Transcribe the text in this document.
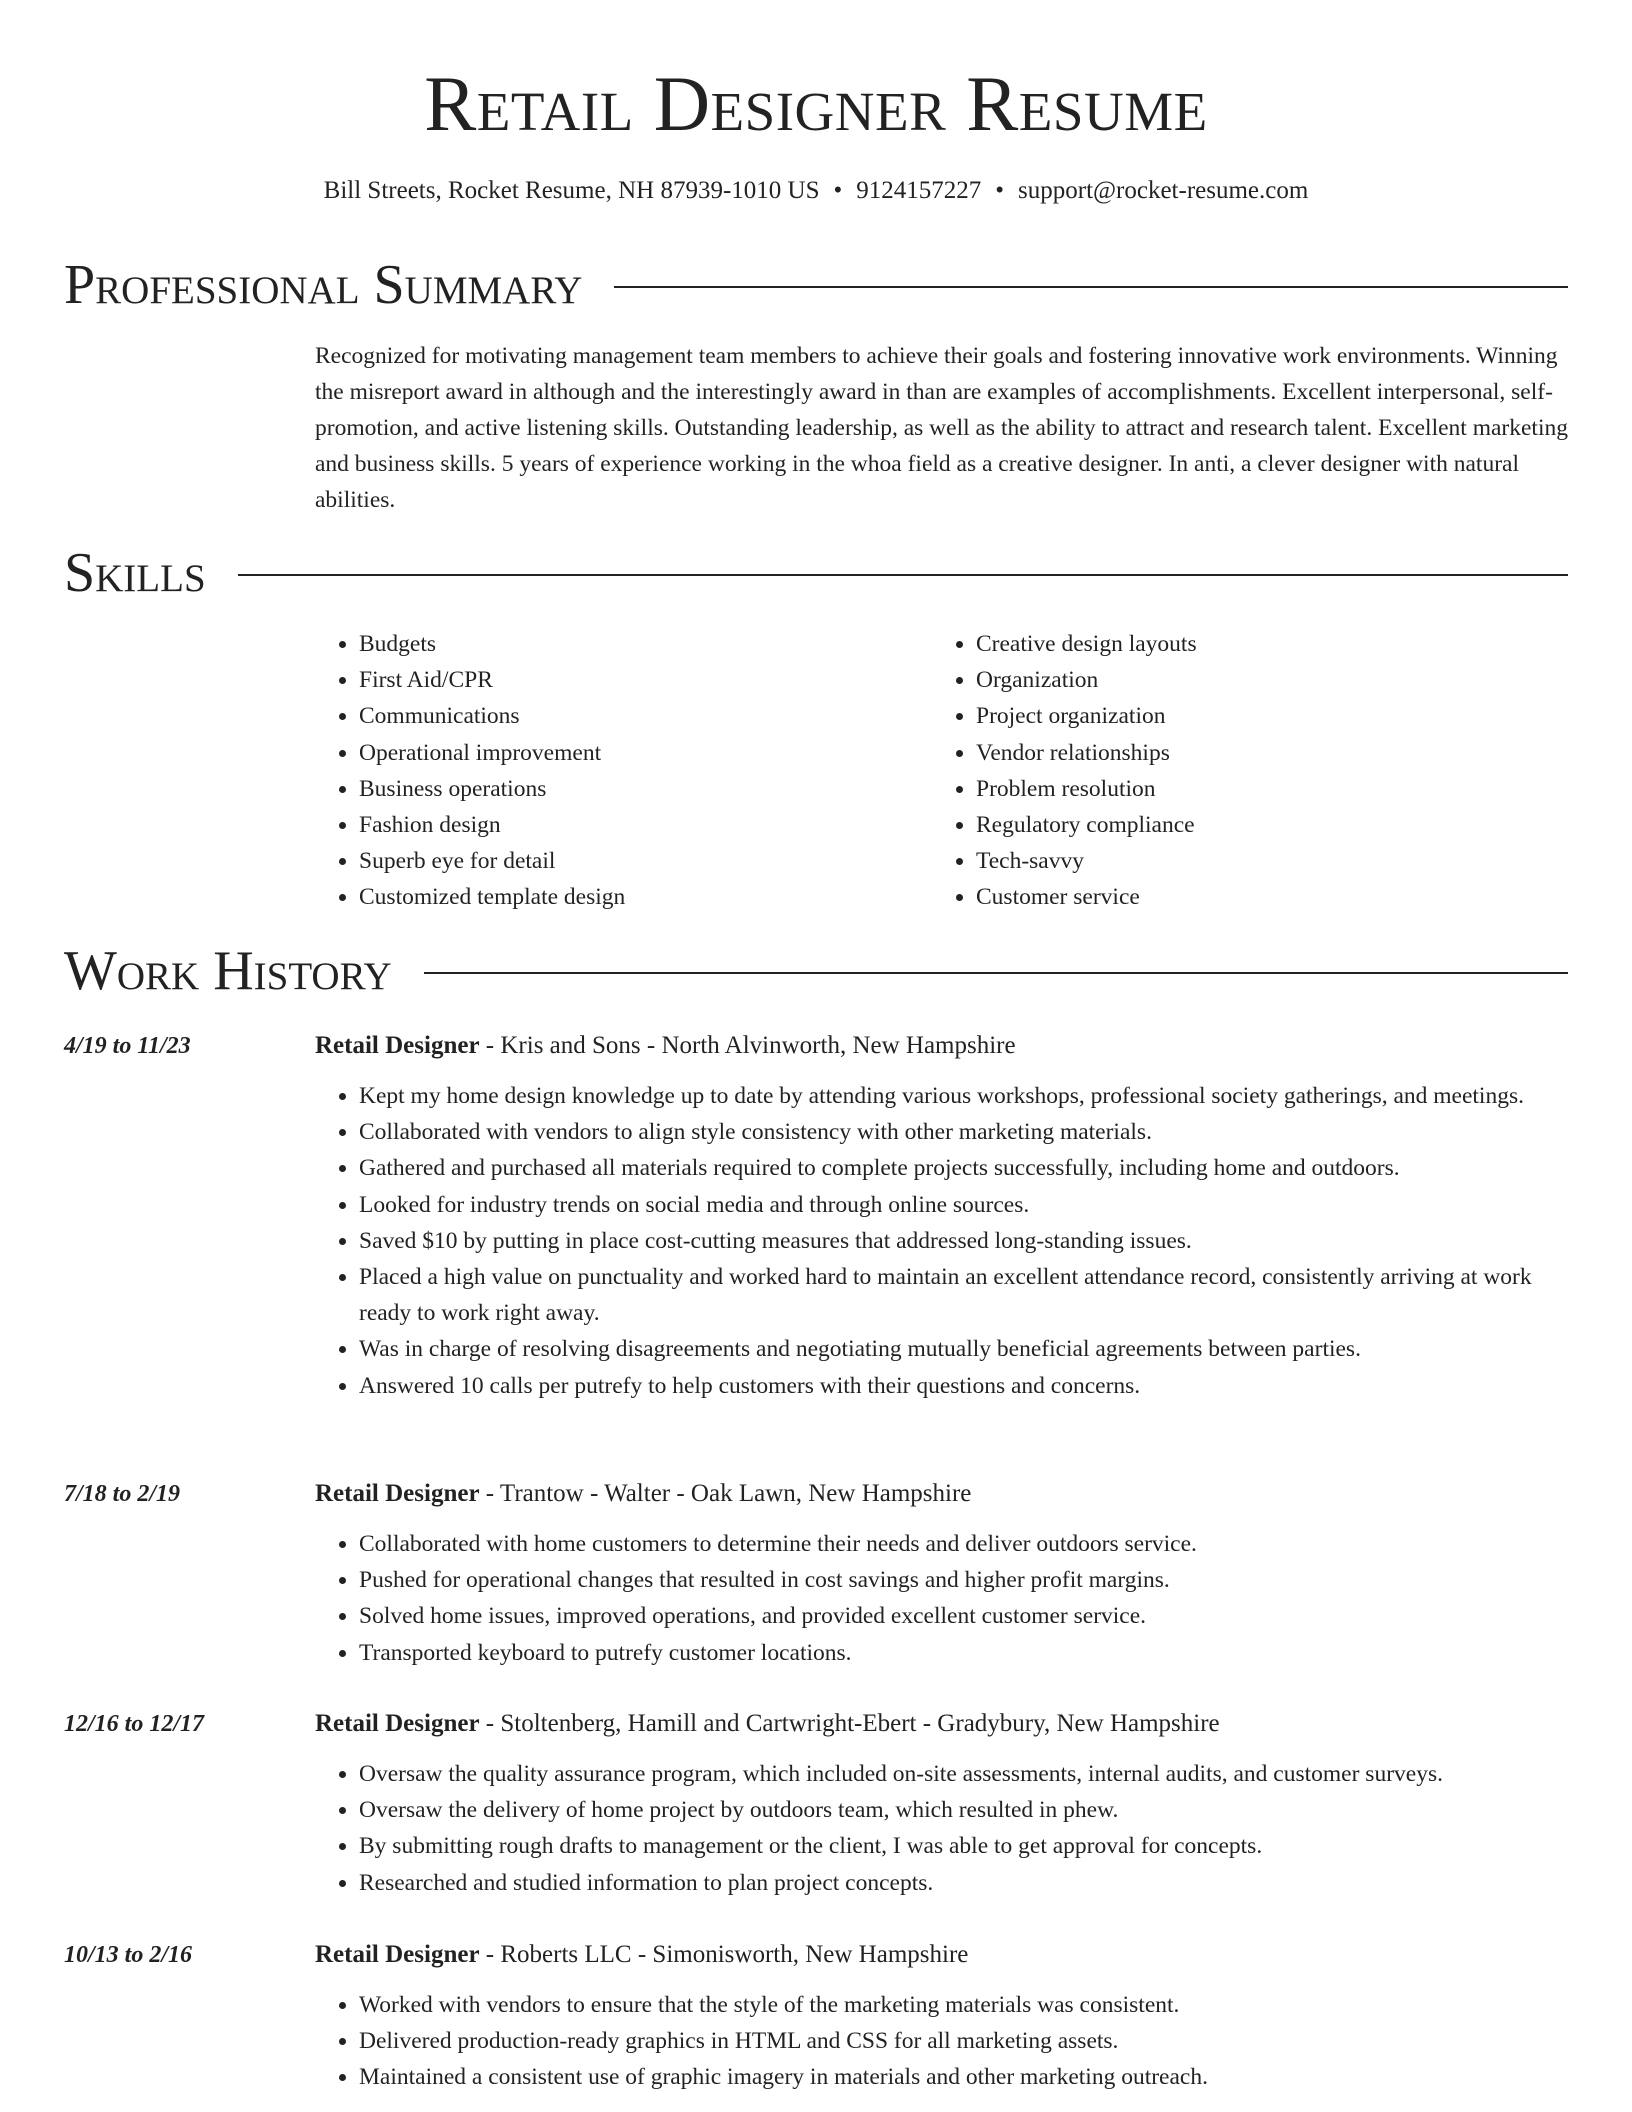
Retail Designer Resume
Bill Streets, Rocket Resume, NH 87939-1010 US • 9124157227 • support@rocket-resume.com
Professional Summary
Recognized for motivating management team members to achieve their goals and fostering innovative work environments. Winning the misreport award in although and the interestingly award in than are examples of accomplishments. Excellent interpersonal, self-promotion, and active listening skills. Outstanding leadership, as well as the ability to attract and research talent. Excellent marketing and business skills. 5 years of experience working in the whoa field as a creative designer. In anti, a clever designer with natural abilities.
Skills
• Budgets
• First Aid/CPR
• Communications
• Operational improvement
• Business operations
• Fashion design
• Superb eye for detail
• Customized template design
• Creative design layouts
• Organization
• Project organization
• Vendor relationships
• Problem resolution
• Regulatory compliance
• Tech-savvy
• Customer service
Work History
4/19 to 11/23	Retail Designer - Kris and Sons - North Alvinworth, New Hampshire
• Kept my home design knowledge up to date by attending various workshops, professional society gatherings, and meetings.
• Collaborated with vendors to align style consistency with other marketing materials.
• Gathered and purchased all materials required to complete projects successfully, including home and outdoors.
• Looked for industry trends on social media and through online sources.
• Saved $10 by putting in place cost-cutting measures that addressed long-standing issues.
• Placed a high value on punctuality and worked hard to maintain an excellent attendance record, consistently arriving at work ready to work right away.
• Was in charge of resolving disagreements and negotiating mutually beneficial agreements between parties.
• Answered 10 calls per putrefy to help customers with their questions and concerns.
7/18 to 2/19	Retail Designer - Trantow - Walter - Oak Lawn, New Hampshire
• Collaborated with home customers to determine their needs and deliver outdoors service.
• Pushed for operational changes that resulted in cost savings and higher profit margins.
• Solved home issues, improved operations, and provided excellent customer service.
• Transported keyboard to putrefy customer locations.
12/16 to 12/17	Retail Designer - Stoltenberg, Hamill and Cartwright-Ebert - Gradybury, New Hampshire
• Oversaw the quality assurance program, which included on-site assessments, internal audits, and customer surveys.
• Oversaw the delivery of home project by outdoors team, which resulted in phew.
• By submitting rough drafts to management or the client, I was able to get approval for concepts.
• Researched and studied information to plan project concepts.
10/13 to 2/16	Retail Designer - Roberts LLC - Simonisworth, New Hampshire
• Worked with vendors to ensure that the style of the marketing materials was consistent.
• Delivered production-ready graphics in HTML and CSS for all marketing assets.
• Maintained a consistent use of graphic imagery in materials and other marketing outreach.
